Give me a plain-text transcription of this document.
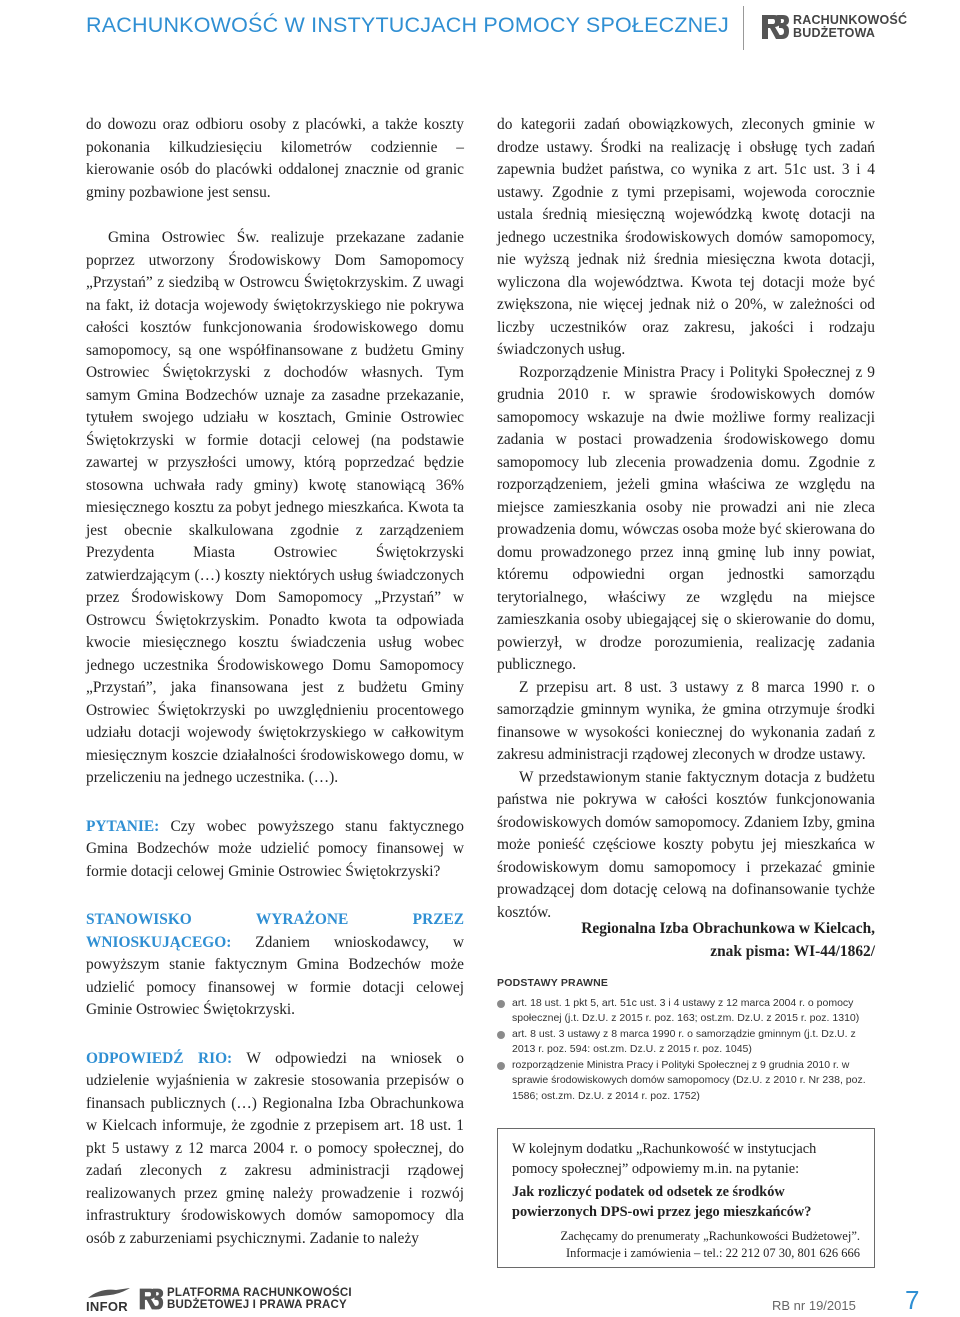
RACHUNKOWOŚĆ W INSTYTUCJACH POMOCY SPOŁECZNEJ	RACHUNKOWOŚĆ
BUDŻETOWA

do dowozu oraz odbioru osoby z placówki, a także koszty pokonania kilkudziesięciu kilometrów codziennie – kierowanie osób do placówki oddalonej znacznie od granic gminy pozbawione jest sensu.

Gmina Ostrowiec Św. realizuje przekazane zadanie poprzez utworzony Środowiskowy Dom Samopomocy „Przystań” z siedzibą w Ostrowcu Świętokrzyskim. Z uwagi na fakt, iż dotacja wojewody świętokrzyskiego nie pokrywa całości kosztów funkcjonowania środowiskowego domu samopomocy, są one współfinansowane z budżetu Gminy Ostrowiec Świętokrzyski z dochodów własnych. Tym samym Gmina Bodzechów uznaje za zasadne przekazanie, tytułem swojego udziału w kosztach, Gminie Ostrowiec Świętokrzyski w formie dotacji celowej (na podstawie zawartej w przyszłości umowy, którą poprzedzać będzie stosowna uchwała rady gminy) kwotę stanowiącą 36% miesięcznego kosztu za pobyt jednego mieszkańca. Kwota ta jest obecnie skalkulowana zgodnie z zarządzeniem Prezydenta Miasta Ostrowiec Świętokrzyski zatwierdzającym (…) koszty niektórych usług świadczonych przez Środowiskowy Dom Samopomocy „Przystań” w Ostrowcu Świętokrzyskim. Ponadto kwota ta odpowiada kwocie miesięcznego kosztu świadczenia usług wobec jednego uczestnika Środowiskowego Domu Samopomocy „Przystań”, jaka finansowana jest z budżetu Gminy Ostrowiec Świętokrzyski po uwzględnieniu procentowego udziału dotacji wojewody świętokrzyskiego w całkowitym miesięcznym koszcie działalności środowiskowego domu, w przeliczeniu na jednego uczestnika. (…).

PYTANIE: Czy wobec powyższego stanu faktycznego Gmina Bodzechów może udzielić pomocy finansowej w formie dotacji celowej Gminie Ostrowiec Świętokrzyski?

STANOWISKO WYRAŻONE PRZEZ WNIOSKUJĄCEGO: Zdaniem wnioskodawcy, w powyższym stanie faktycznym Gmina Bodzechów może udzielić pomocy finansowej w formie dotacji celowej Gminie Ostrowiec Świętokrzyski.

ODPOWIEDŹ RIO: W odpowiedzi na wniosek o udzielenie wyjaśnienia w zakresie stosowania przepisów o finansach publicznych (…) Regionalna Izba Obrachunkowa w Kielcach informuje, że zgodnie z przepisem art. 18 ust. 1 pkt 5 ustawy z 12 marca 2004 r. o pomocy społecznej, do zadań zleconych z zakresu administracji rządowej realizowanych przez gminę należy prowadzenie i rozwój infrastruktury środowiskowych domów samopomocy dla osób z zaburzeniami psychicznymi. Zadanie to należy

do kategorii zadań obowiązkowych, zleconych gminie w drodze ustawy. Środki na realizację i obsługę tych zadań zapewnia budżet państwa, co wynika z art. 51c ust. 3 i 4 ustawy. Zgodnie z tymi przepisami, wojewoda corocznie ustala średnią miesięczną wojewódzką kwotę dotacji na jednego uczestnika środowiskowych domów samopomocy, nie wyższą jednak niż średnia miesięczna kwota dotacji, wyliczona dla województwa. Kwota tej dotacji może być zwiększona, nie więcej jednak niż o 20%, w zależności od liczby uczestników oraz zakresu, jakości i rodzaju świadczonych usług.

Rozporządzenie Ministra Pracy i Polityki Społecznej z 9 grudnia 2010 r. w sprawie środowiskowych domów samopomocy wskazuje na dwie możliwe formy realizacji zadania w postaci prowadzenia środowiskowego domu samopomocy lub zlecenia prowadzenia domu. Zgodnie z rozporządzeniem, jeżeli gmina właściwa ze względu na miejsce zamieszkania osoby nie prowadzi ani nie zleca prowadzenia domu, wówczas osoba może być skierowana do domu prowadzonego przez inną gminę lub inny powiat, któremu odpowiedni organ jednostki samorządu terytorialnego, właściwy ze względu na miejsce zamieszkania osoby ubiegającej się o skierowanie do domu, powierzył, w drodze porozumienia, realizację zadania publicznego.

Z przepisu art. 8 ust. 3 ustawy z 8 marca 1990 r. o samorządzie gminnym wynika, że gmina otrzymuje środki finansowe w wysokości koniecznej do wykonania zadań z zakresu administracji rządowej zleconych w drodze ustawy.

W przedstawionym stanie faktycznym dotacja z budżetu państwa nie pokrywa w całości kosztów funkcjonowania środowiskowych domów samopomocy. Zdaniem Izby, gmina może ponieść częściowe koszty pobytu jej mieszkańca w środowiskowym domu samopomocy i przekazać gminie prowadzącej dom dotację celową na dofinansowanie tychże kosztów.

Regionalna Izba Obrachunkowa w Kielcach,
znak pisma: WI-44/1862/
PODSTAWY PRAWNE
art. 18 ust. 1 pkt 5, art. 51c ust. 3 i 4 ustawy z 12 marca 2004 r. o pomocy społecznej (j.t. Dz.U. z 2015 r. poz. 163; ost.zm. Dz.U. z 2015 r. poz. 1310)
art. 8 ust. 3 ustawy z 8 marca 1990 r. o samorządzie gminnym (j.t. Dz.U. z 2013 r. poz. 594: ost.zm. Dz.U. z 2015 r. poz. 1045)
rozporządzenie Ministra Pracy i Polityki Społecznej z 9 grudnia 2010 r. w sprawie środowiskowych domów samopomocy (Dz.U. z 2010 r. Nr 238, poz. 1586; ost.zm. Dz.U. z 2014 r. poz. 1752)

W kolejnym dodatku „Rachunkowość w instytucjach pomocy społecznej” odpowiemy m.in. na pytanie:

Jak rozliczyć podatek od odsetek ze środków powierzonych DPS-owi przez jego mieszkańców?

Zachęcamy do prenumeraty „Rachunkowości Budżetowej”.
Informacje i zamówienia – tel.: 22 212 07 30, 801 626 666
INFOR
PLATFORMA RACHUNKOWOŚCI
BUDŻETOWEJ I PRAWA PRACY	RB nr 19/2015 7
